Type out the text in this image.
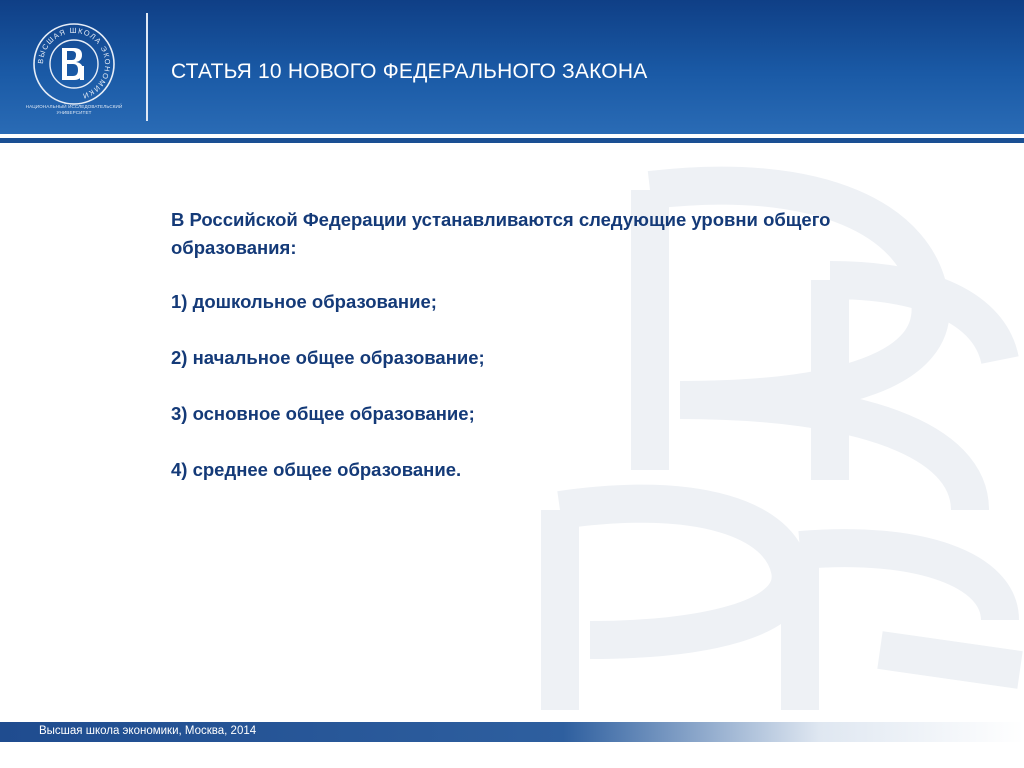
ВЫСШАЯ ШКОЛА ЭКОНОМИКИ
НАЦИОНАЛЬНЫЙ ИССЛЕДОВАТЕЛЬСКИЙ УНИВЕРСИТЕТ
СТАТЬЯ 10 НОВОГО ФЕДЕРАЛЬНОГО ЗАКОНА

В Российской Федерации устанавливаются следующие уровни общего образования:

1) дошкольное образование;

2) начальное общее образование;

3) основное общее образование;

4) среднее общее образование.

Высшая школа экономики, Москва, 2014
